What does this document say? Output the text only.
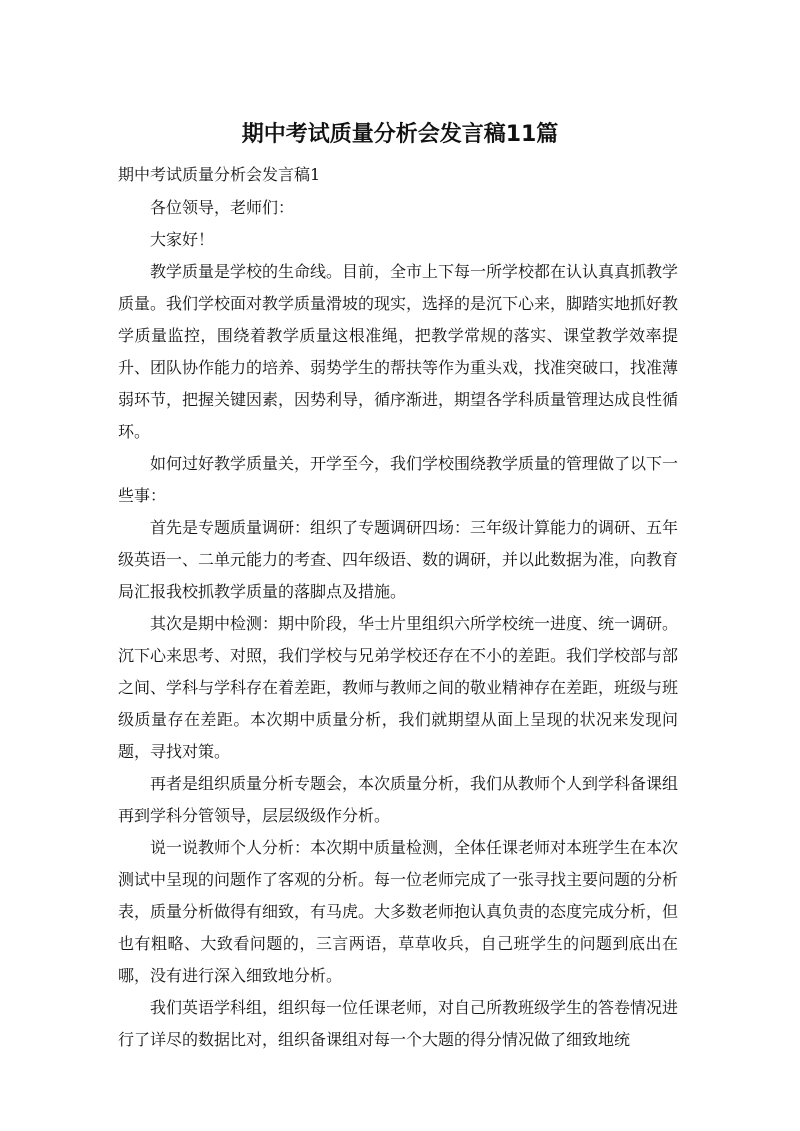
期中考试质量分析会发言稿11篇

期中考试质量分析会发言稿1

各位领导，老师们：

大家好！

教学质量是学校的生命线。目前，全市上下每一所学校都在认认真真抓教学质量。我们学校面对教学质量滑坡的现实，选择的是沉下心来，脚踏实地抓好教学质量监控，围绕着教学质量这根准绳，把教学常规的落实、课堂教学效率提升、团队协作能力的培养、弱势学生的帮扶等作为重头戏，找准突破口，找准薄弱环节，把握关键因素，因势利导，循序渐进，期望各学科质量管理达成良性循环。

如何过好教学质量关，开学至今，我们学校围绕教学质量的管理做了以下一些事：

首先是专题质量调研：组织了专题调研四场：三年级计算能力的调研、五年级英语一、二单元能力的考查、四年级语、数的调研，并以此数据为准，向教育局汇报我校抓教学质量的落脚点及措施。

其次是期中检测：期中阶段，华士片里组织六所学校统一进度、统一调研。沉下心来思考、对照，我们学校与兄弟学校还存在不小的差距。我们学校部与部之间、学科与学科存在着差距，教师与教师之间的敬业精神存在差距，班级与班级质量存在差距。本次期中质量分析，我们就期望从面上呈现的状况来发现问题，寻找对策。

再者是组织质量分析专题会，本次质量分析，我们从教师个人到学科备课组再到学科分管领导，层层级级作分析。

说一说教师个人分析：本次期中质量检测，全体任课老师对本班学生在本次测试中呈现的问题作了客观的分析。每一位老师完成了一张寻找主要问题的分析表，质量分析做得有细致，有马虎。大多数老师抱认真负责的态度完成分析，但也有粗略、大致看问题的，三言两语，草草收兵，自己班学生的问题到底出在哪，没有进行深入细致地分析。

我们英语学科组，组织每一位任课老师，对自己所教班级学生的答卷情况进行了详尽的数据比对，组织备课组对每一个大题的得分情况做了细致地统
